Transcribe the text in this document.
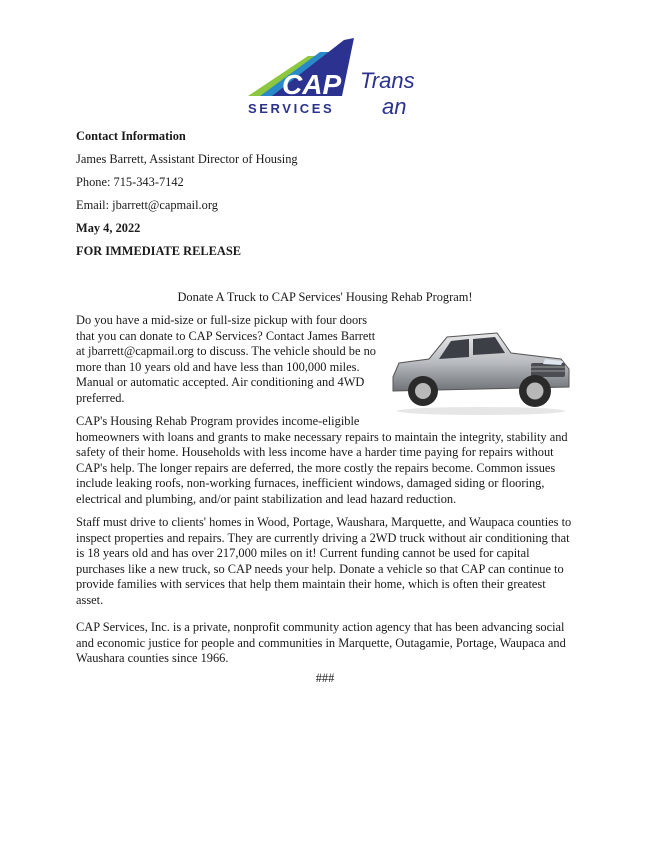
CAP
SERVICES
Trans
an

Contact Information

James Barrett, Assistant Director of Housing

Phone: 715-343-7142

Email: jbarrett@capmail.org

May 4, 2022

FOR IMMEDIATE RELEASE

Donate A Truck to CAP Services' Housing Rehab Program!

Do you have a mid-size or full-size pickup with four doors that you can donate to CAP Services? Contact James Barrett at jbarrett@capmail.org to discuss. The vehicle should be no more than 10 years old and have less than 100,000 miles. Manual or automatic accepted. Air conditioning and 4WD preferred.

CAP's Housing Rehab Program provides income-eligible homeowners with loans and grants to make necessary repairs to maintain the integrity, stability and safety of their home. Households with less income have a harder time paying for repairs without CAP's help. The longer repairs are deferred, the more costly the repairs become. Common issues include leaking roofs, non-working furnaces, inefficient windows, damaged siding or flooring, electrical and plumbing, and/or paint stabilization and lead hazard reduction.

Staff must drive to clients' homes in Wood, Portage, Waushara, Marquette, and Waupaca counties to inspect properties and repairs. They are currently driving a 2WD truck without air conditioning that is 18 years old and has over 217,000 miles on it! Current funding cannot be used for capital purchases like a new truck, so CAP needs your help. Donate a vehicle so that CAP can continue to provide families with services that help them maintain their home, which is often their greatest asset.

CAP Services, Inc. is a private, nonprofit community action agency that has been advancing social and economic justice for people and communities in Marquette, Outagamie, Portage, Waupaca and Waushara counties since 1966.
###
